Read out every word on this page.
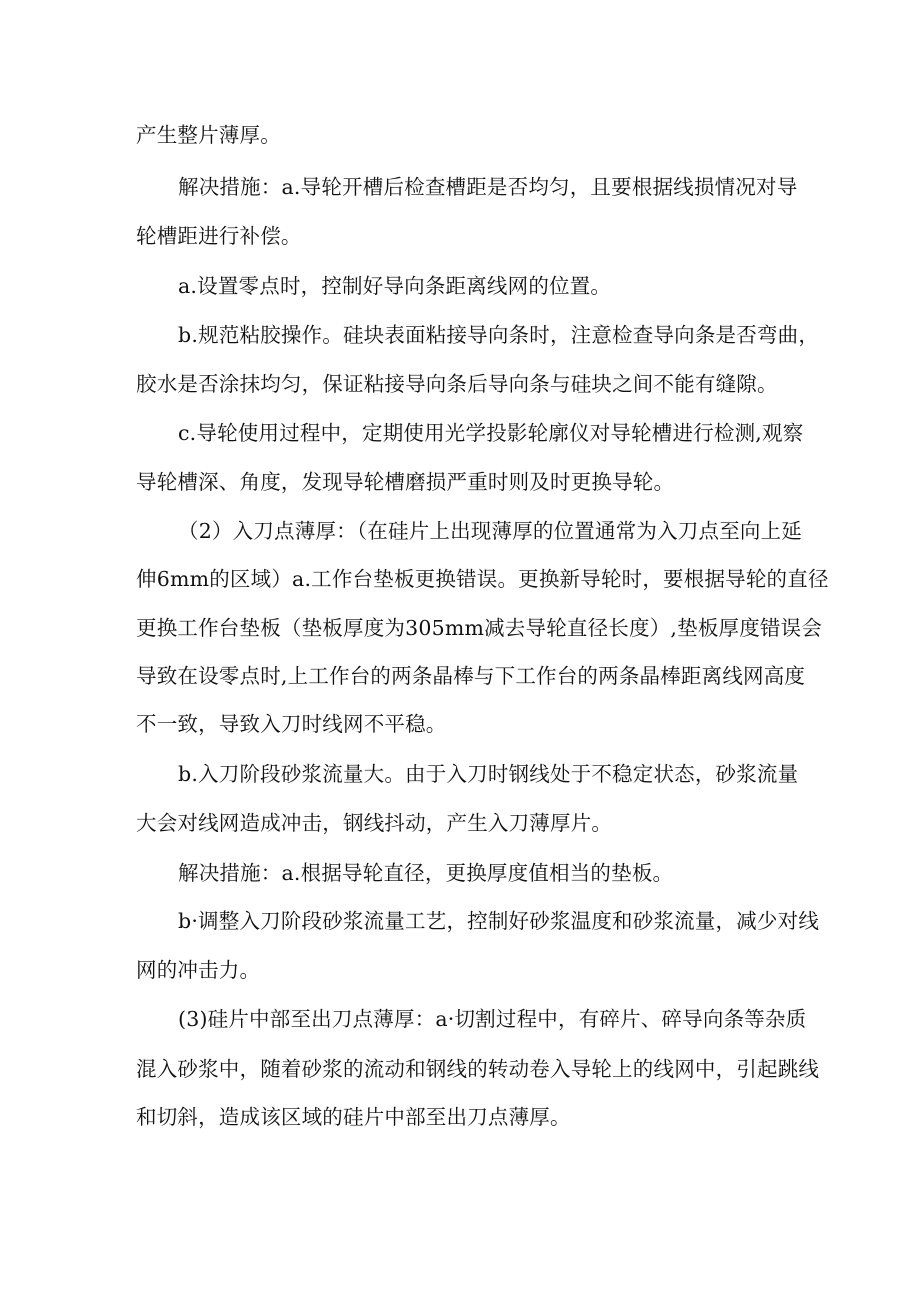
产生整片薄厚。
解决措施：a.导轮开槽后检查槽距是否均匀，且要根据线损情况对导
轮槽距进行补偿。
a.设置零点时，控制好导向条距离线网的位置。
b.规范粘胶操作。硅块表面粘接导向条时，注意检查导向条是否弯曲，
胶水是否涂抹均匀，保证粘接导向条后导向条与硅块之间不能有缝隙。
c.导轮使用过程中，定期使用光学投影轮廓仪对导轮槽进行检测,观察
导轮槽深、角度，发现导轮槽磨损严重时则及时更换导轮。
（2）入刀点薄厚：（在硅片上出现薄厚的位置通常为入刀点至向上延
伸6mm的区域）a.工作台垫板更换错误。更换新导轮时，要根据导轮的直径
更换工作台垫板（垫板厚度为305mm减去导轮直径长度）,垫板厚度错误会
导致在设零点时,上工作台的两条晶棒与下工作台的两条晶棒距离线网高度
不一致，导致入刀时线网不平稳。
b.入刀阶段砂浆流量大。由于入刀时钢线处于不稳定状态，砂浆流量
大会对线网造成冲击，钢线抖动，产生入刀薄厚片。
解决措施：a.根据导轮直径，更换厚度值相当的垫板。
b·调整入刀阶段砂浆流量工艺，控制好砂浆温度和砂浆流量，减少对线
网的冲击力。
(3)硅片中部至出刀点薄厚：a·切割过程中，有碎片、碎导向条等杂质
混入砂浆中，随着砂浆的流动和钢线的转动卷入导轮上的线网中，引起跳线
和切斜，造成该区域的硅片中部至出刀点薄厚。
